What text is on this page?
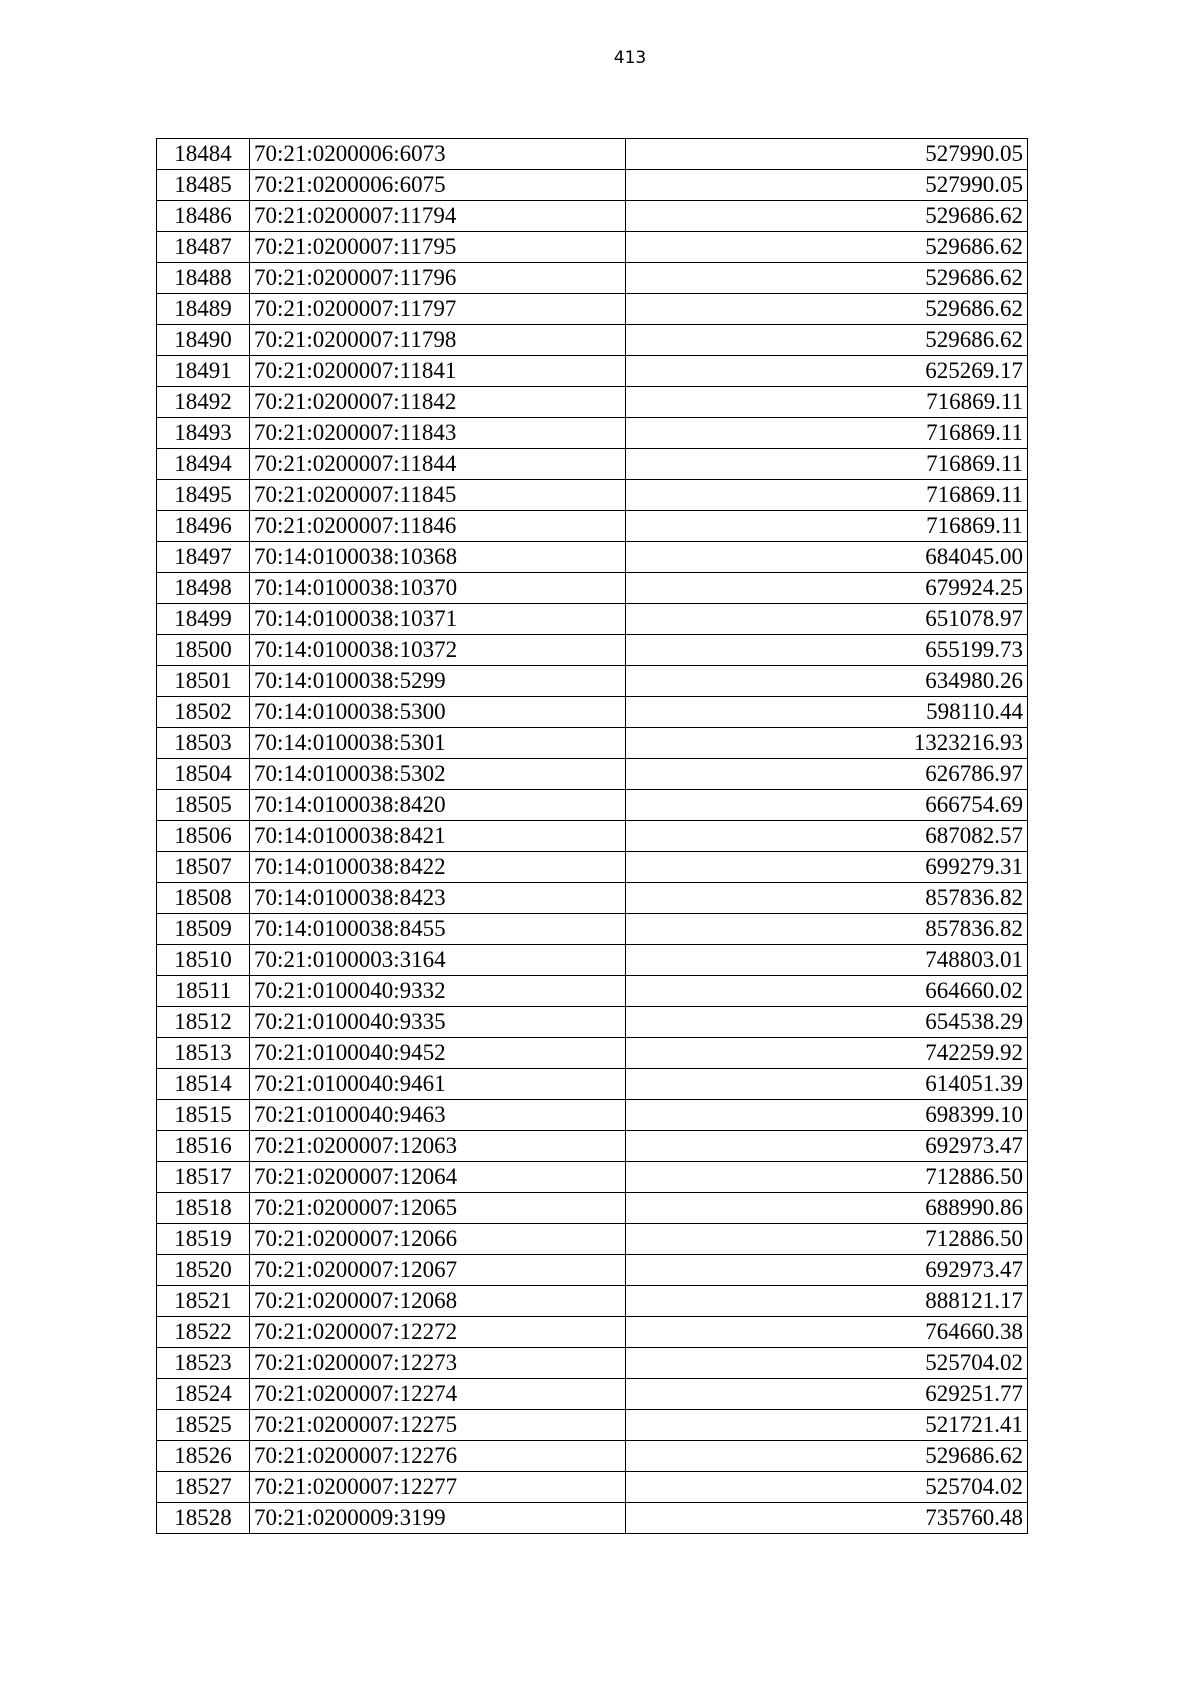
413
18484	70:21:0200006:6073	527990.05
18485	70:21:0200006:6075	527990.05
18486	70:21:0200007:11794	529686.62
18487	70:21:0200007:11795	529686.62
18488	70:21:0200007:11796	529686.62
18489	70:21:0200007:11797	529686.62
18490	70:21:0200007:11798	529686.62
18491	70:21:0200007:11841	625269.17
18492	70:21:0200007:11842	716869.11
18493	70:21:0200007:11843	716869.11
18494	70:21:0200007:11844	716869.11
18495	70:21:0200007:11845	716869.11
18496	70:21:0200007:11846	716869.11
18497	70:14:0100038:10368	684045.00
18498	70:14:0100038:10370	679924.25
18499	70:14:0100038:10371	651078.97
18500	70:14:0100038:10372	655199.73
18501	70:14:0100038:5299	634980.26
18502	70:14:0100038:5300	598110.44
18503	70:14:0100038:5301	1323216.93
18504	70:14:0100038:5302	626786.97
18505	70:14:0100038:8420	666754.69
18506	70:14:0100038:8421	687082.57
18507	70:14:0100038:8422	699279.31
18508	70:14:0100038:8423	857836.82
18509	70:14:0100038:8455	857836.82
18510	70:21:0100003:3164	748803.01
18511	70:21:0100040:9332	664660.02
18512	70:21:0100040:9335	654538.29
18513	70:21:0100040:9452	742259.92
18514	70:21:0100040:9461	614051.39
18515	70:21:0100040:9463	698399.10
18516	70:21:0200007:12063	692973.47
18517	70:21:0200007:12064	712886.50
18518	70:21:0200007:12065	688990.86
18519	70:21:0200007:12066	712886.50
18520	70:21:0200007:12067	692973.47
18521	70:21:0200007:12068	888121.17
18522	70:21:0200007:12272	764660.38
18523	70:21:0200007:12273	525704.02
18524	70:21:0200007:12274	629251.77
18525	70:21:0200007:12275	521721.41
18526	70:21:0200007:12276	529686.62
18527	70:21:0200007:12277	525704.02
18528	70:21:0200009:3199	735760.48
